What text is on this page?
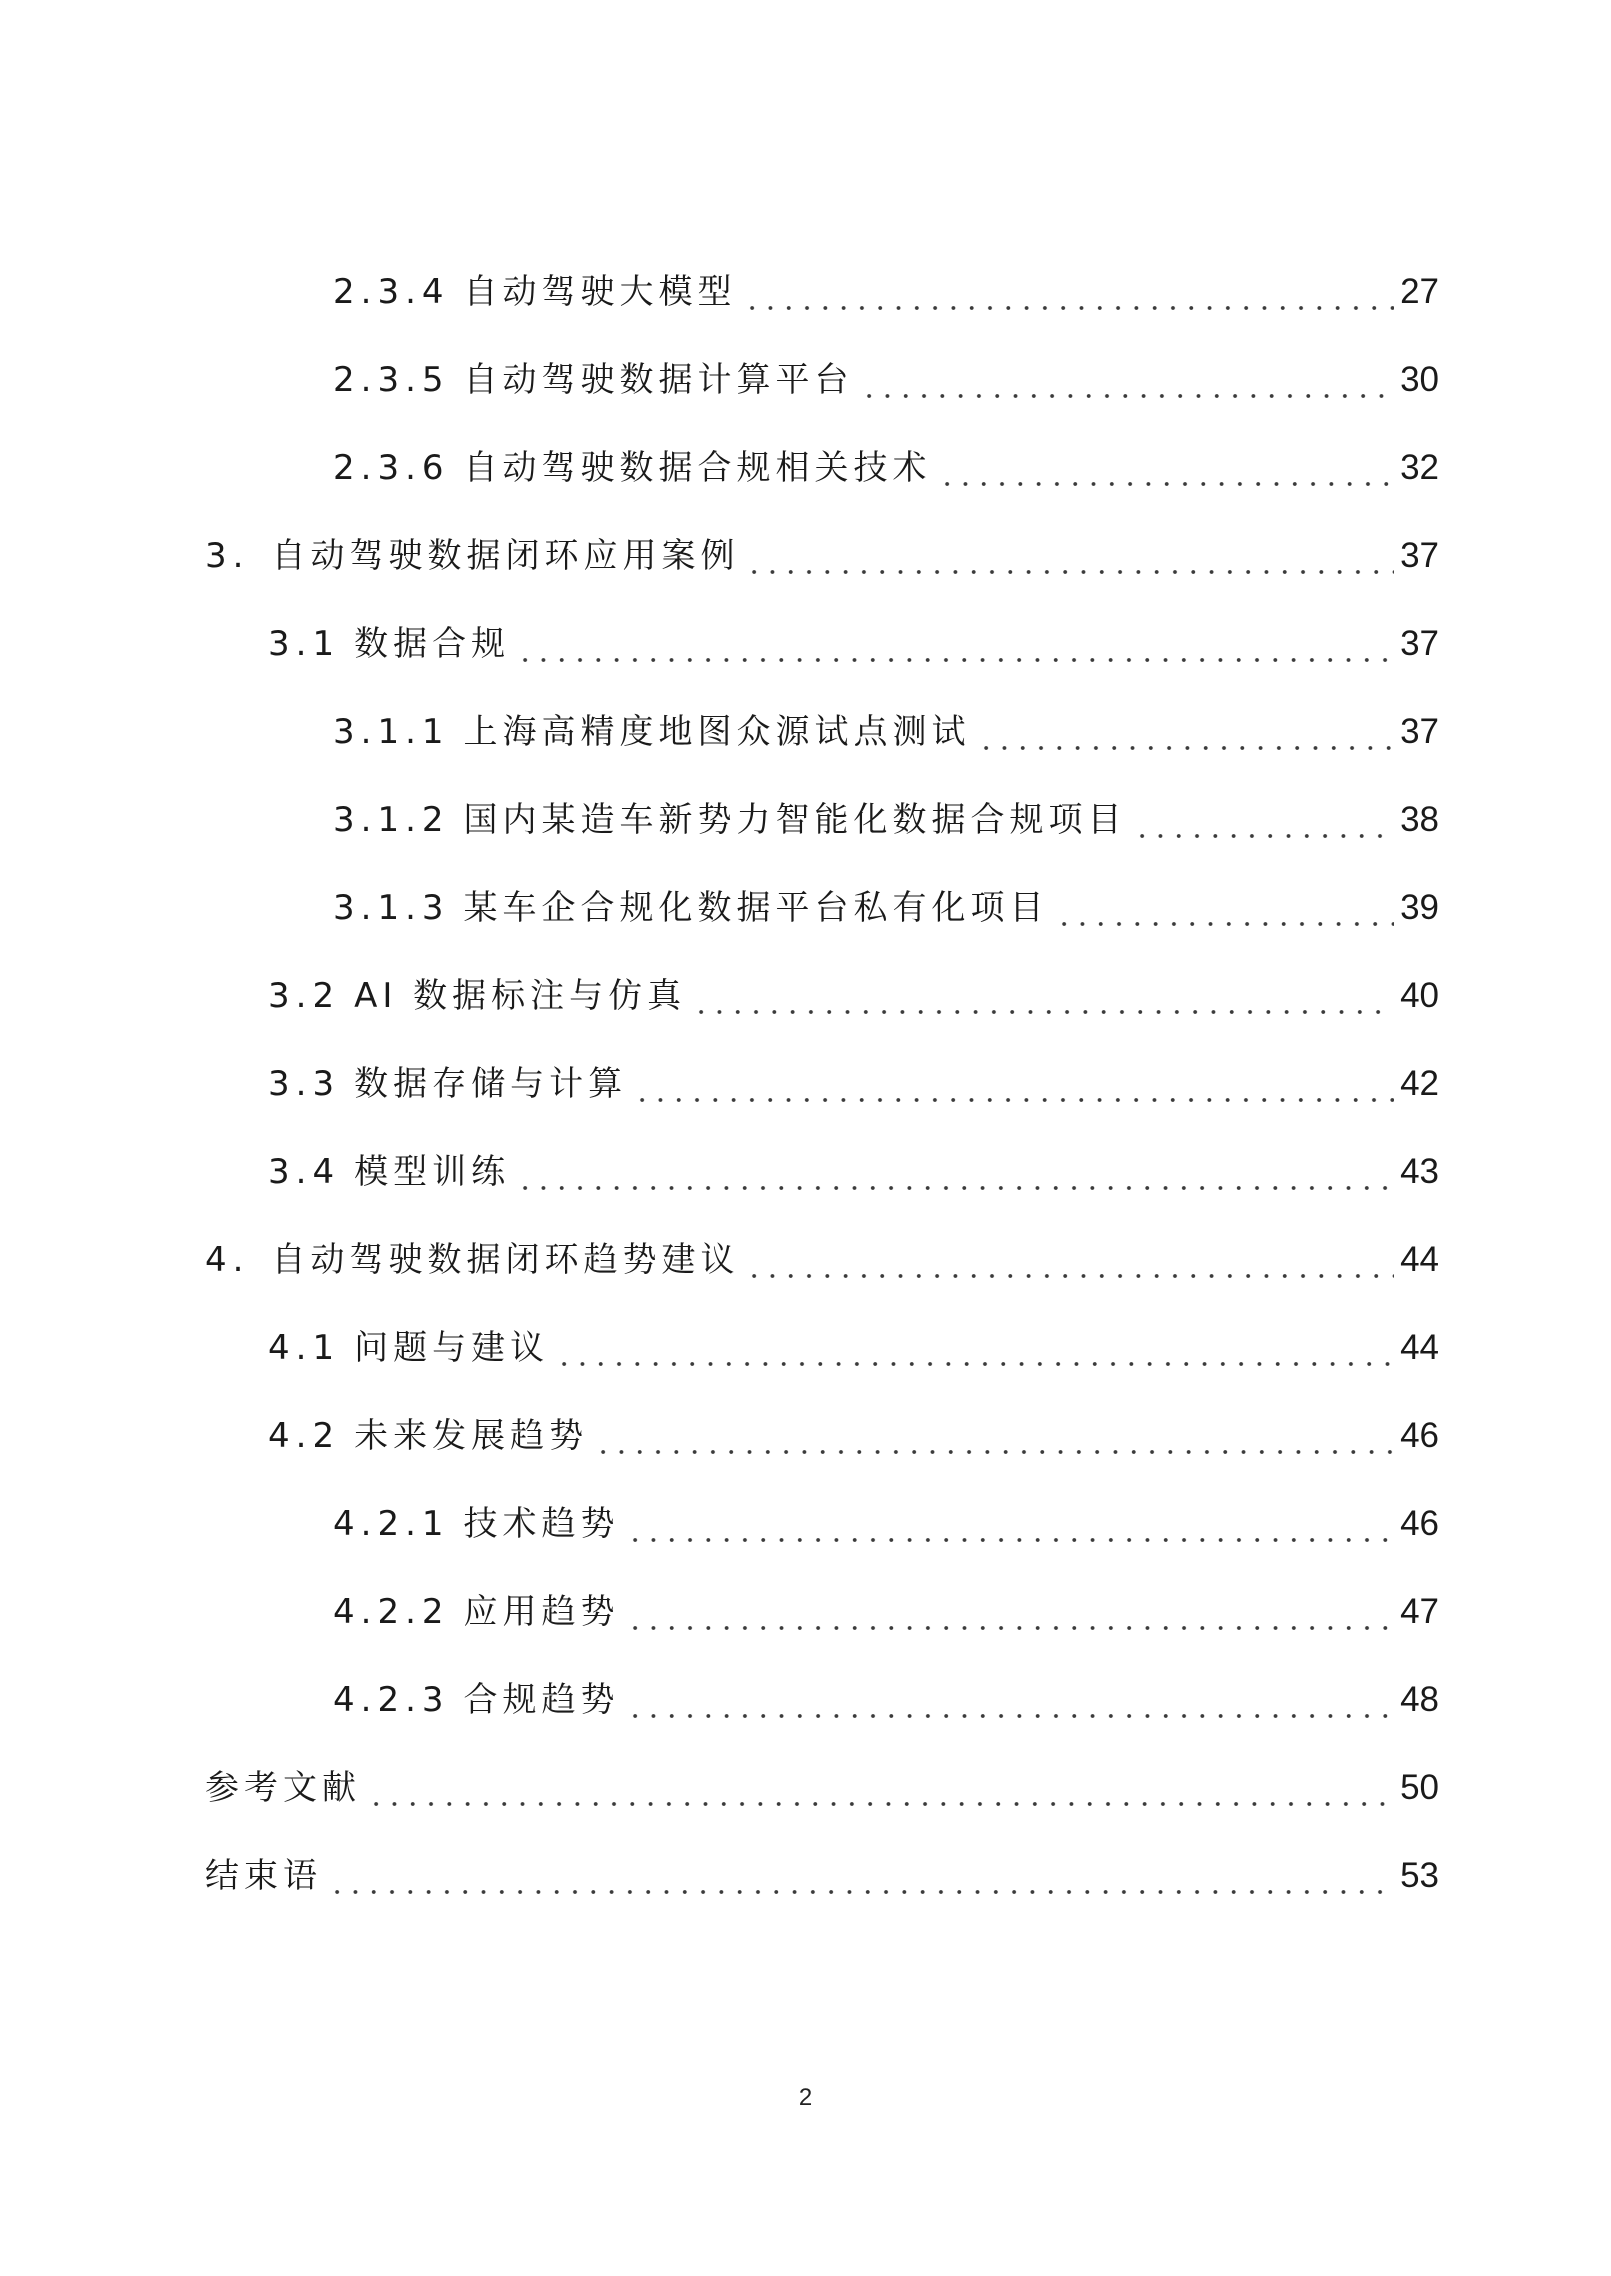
2.3.4 自动驾驶大模型	27
2.3.5 自动驾驶数据计算平台	30
2.3.6 自动驾驶数据合规相关技术	32
3. 自动驾驶数据闭环应用案例	37
3.1 数据合规	37
3.1.1 上海高精度地图众源试点测试	37
3.1.2 国内某造车新势力智能化数据合规项目	38
3.1.3 某车企合规化数据平台私有化项目	39
3.2 AI 数据标注与仿真	40
3.3 数据存储与计算	42
3.4 模型训练	43
4. 自动驾驶数据闭环趋势建议	44
4.1 问题与建议	44
4.2 未来发展趋势	46
4.2.1 技术趋势	46
4.2.2 应用趋势	47
4.2.3 合规趋势	48
参考文献	50
结束语	53
2
